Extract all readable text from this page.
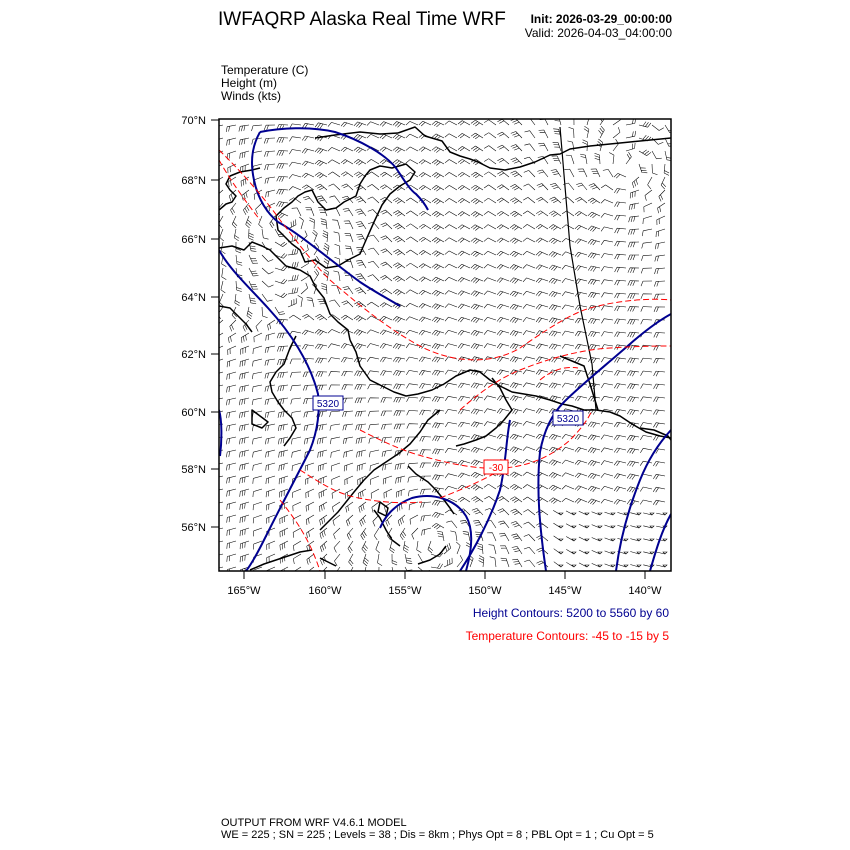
IWFAQRP Alaska Real Time WRF Init: 2026-03-29_00:00:00
Valid: 2026-04-03_04:00:00
Temperature (C)
Height (m)
Winds (kts)
5320
5320
-30
70°N
68°N
66°N
64°N
62°N
60°N
58°N
56°N
165°W	160°W	155°W	150°W	145°W	140°W
Height Contours: 5200 to 5560 by 60
Temperature Contours: -45 to -15 by 5
OUTPUT FROM WRF V4.6.1 MODEL
WE = 225 ; SN = 225 ; Levels = 38 ; Dis = 8km ; Phys Opt = 8 ; PBL Opt = 1 ; Cu Opt = 5
